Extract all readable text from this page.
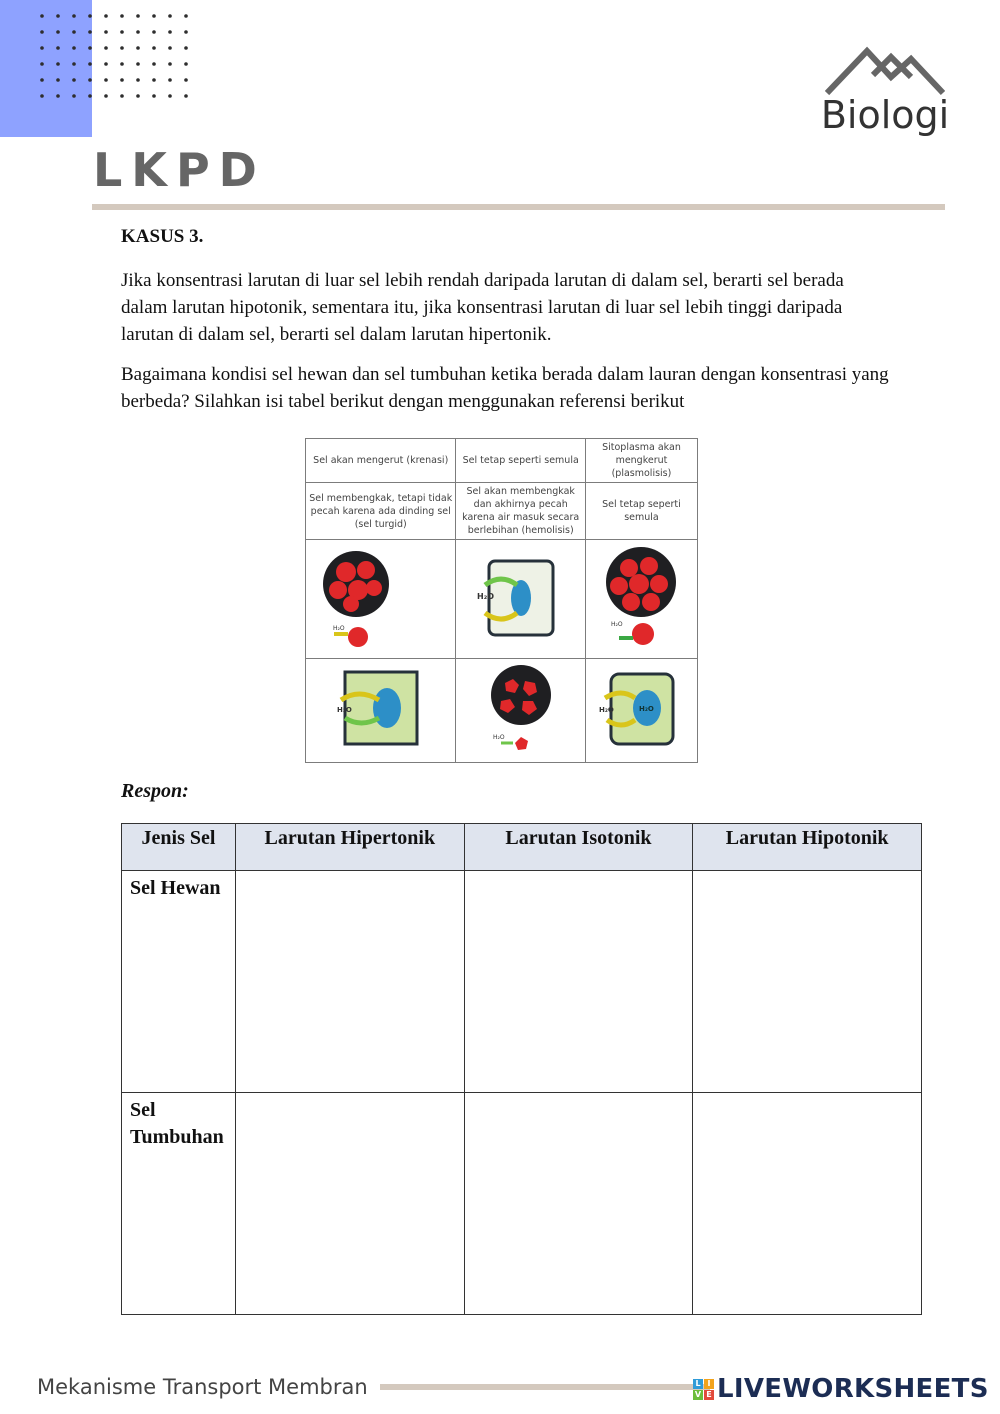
Biologi
LKPD

KASUS 3.

Jika konsentrasi larutan di luar sel lebih rendah daripada larutan di dalam sel, berarti sel berada dalam larutan hipotonik, sementara itu, jika konsentrasi larutan di luar sel lebih tinggi daripada larutan di dalam sel, berarti sel dalam larutan hipertonik.

Bagaimana kondisi sel hewan dan sel tumbuhan ketika berada dalam lauran dengan konsentrasi yang berbeda? Silahkan isi tabel berikut dengan menggunakan referensi berikut

Sel akan mengerut (krenasi)	Sel tetap seperti semula	Sitoplasma akan mengkerut (plasmolisis)
Sel membengkak, tetapi tidak pecah karena ada dinding sel (sel turgid)	Sel akan membengkak dan akhirnya pecah karena air masuk secara berlebihan (hemolisis)	Sel tetap seperti semula

H₂O	H₂O	H₂O

H₂O	H₂O	H₂O H₂O
Respon:
Jenis Sel	Larutan Hipertonik	Larutan Isotonik	Larutan Hipotonik
Sel Hewan			
Sel Tumbuhan			
Mekanisme Transport Membran	L I
V E LIVEWORKSHEETS
